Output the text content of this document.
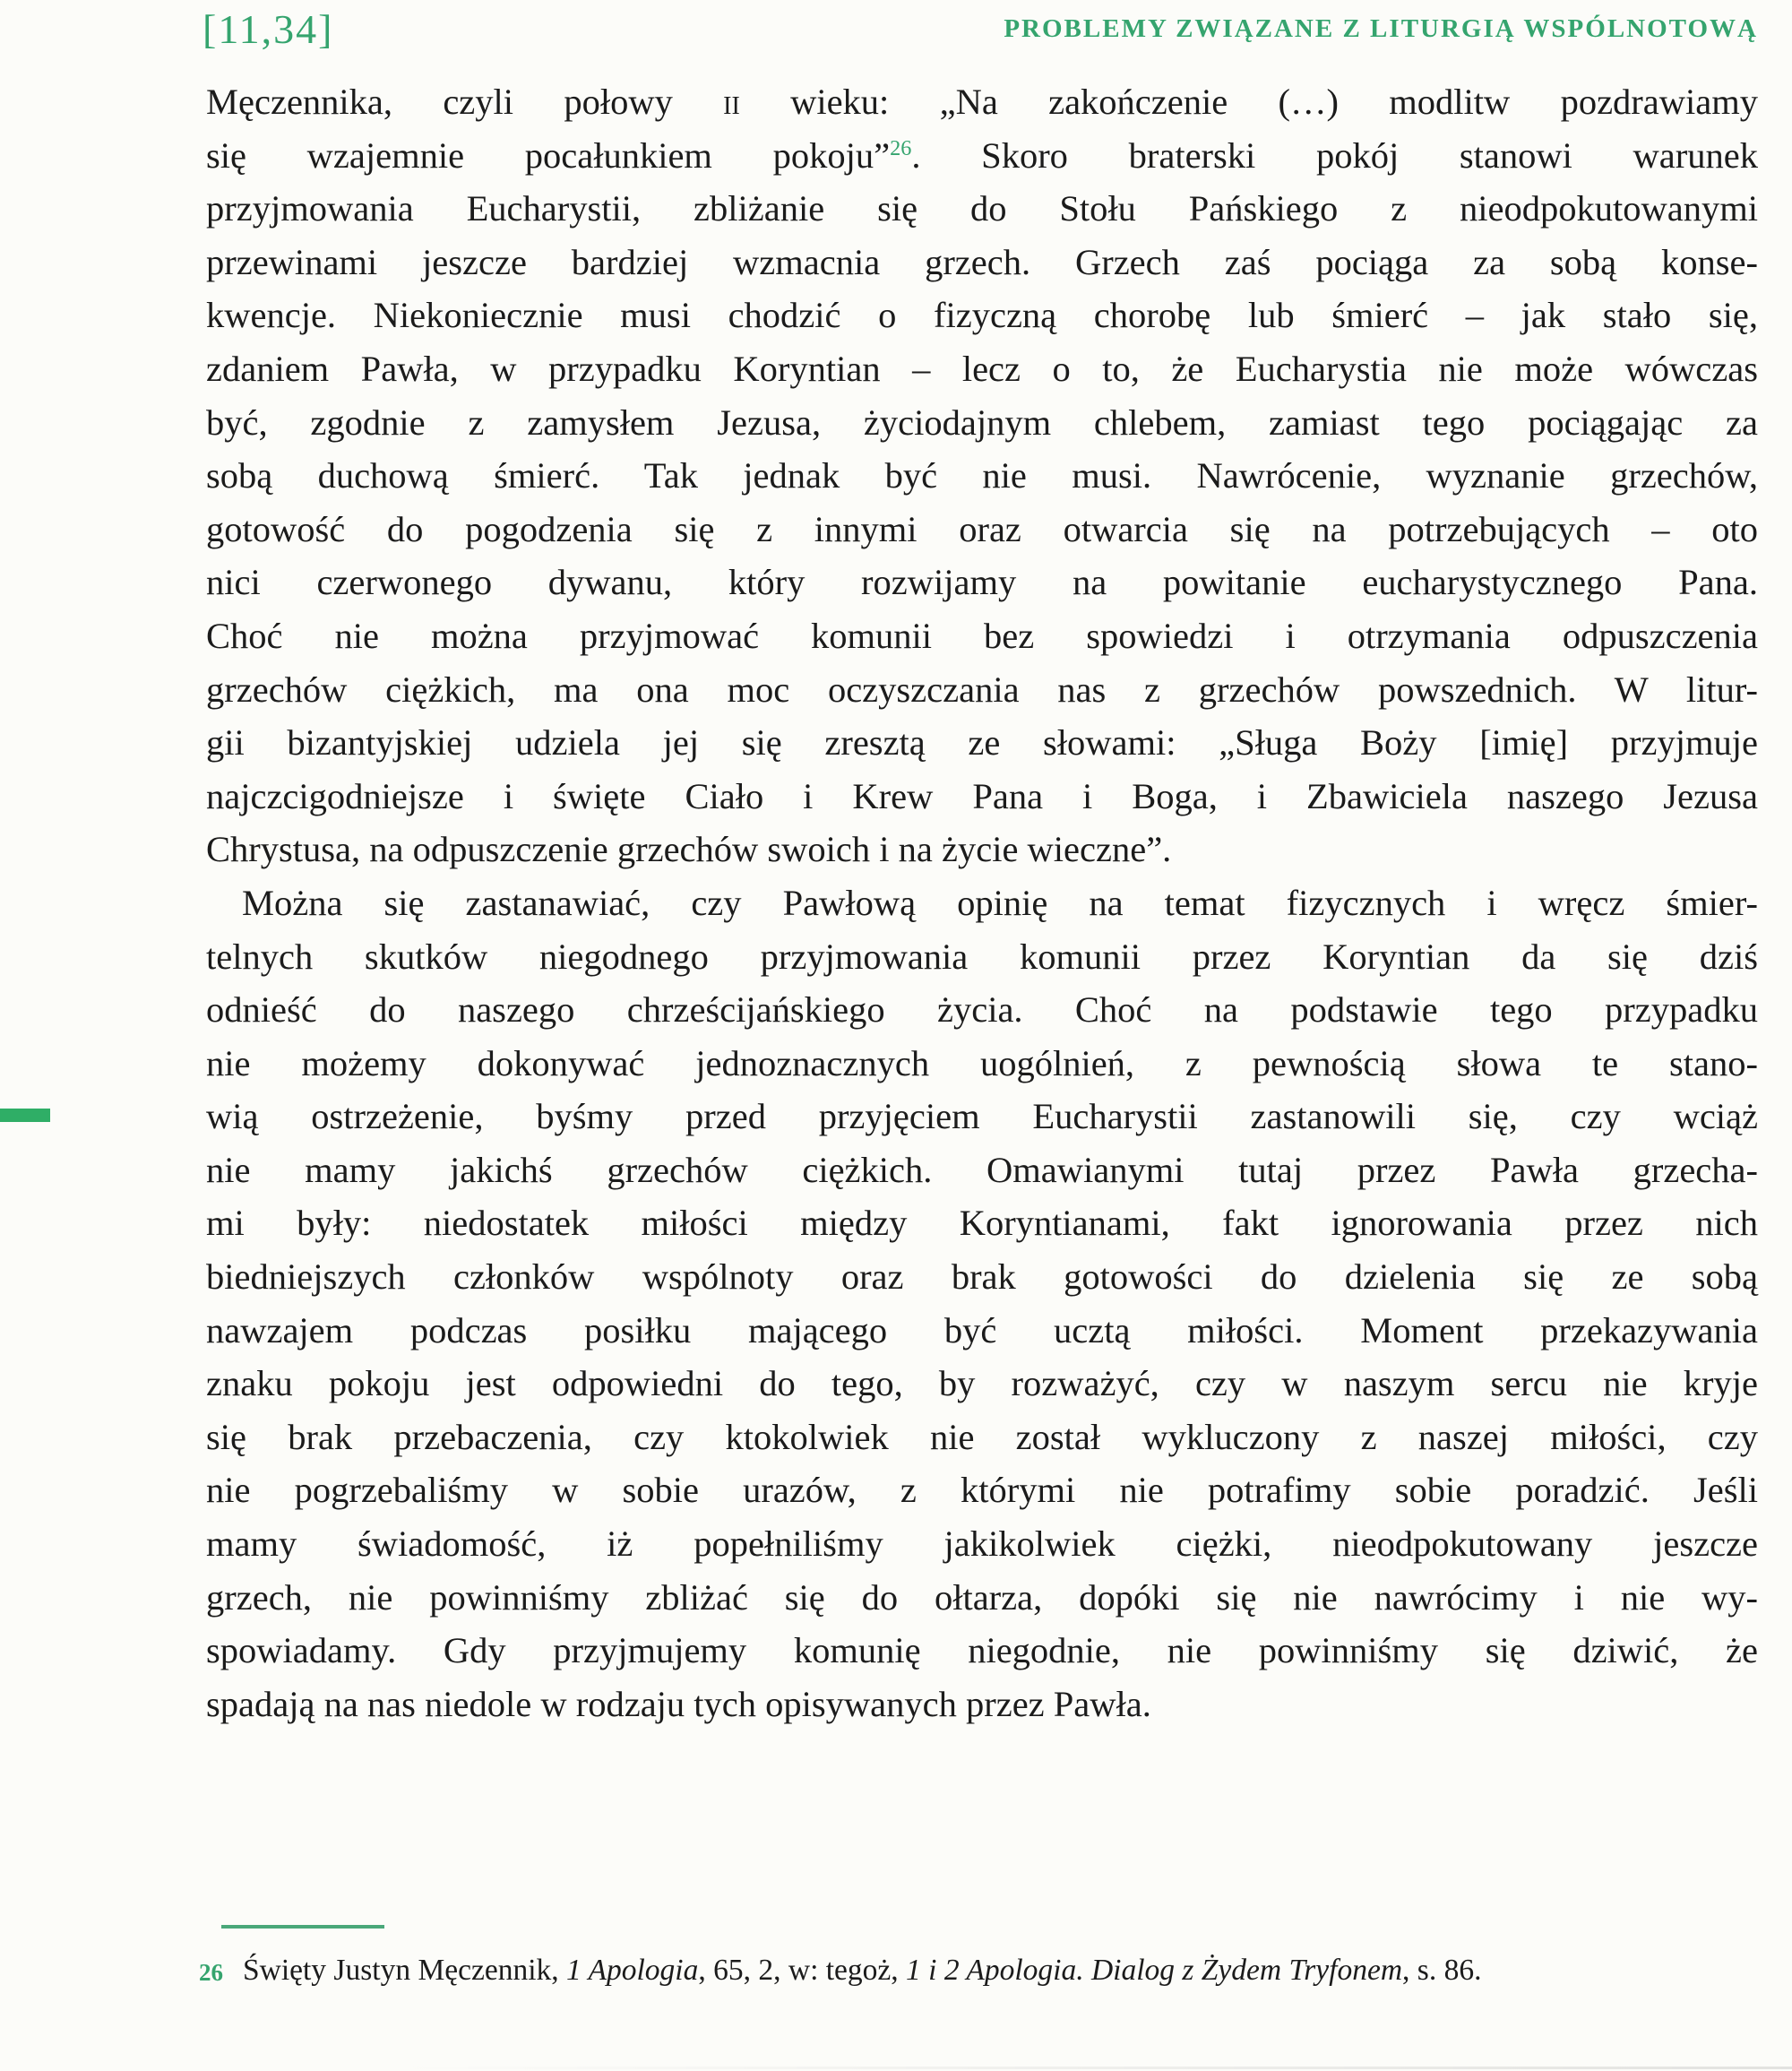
[11,34]	PROBLEMY ZWIĄZANE Z LITURGIĄ WSPÓLNOTOWĄ
Męczennika, czyli połowy ii wieku: „Na zakończenie (…) modlitw pozdrawiamy
się wzajemnie pocałunkiem pokoju”$^{26}$. Skoro braterski pokój stanowi warunek
przyjmowania Eucharystii, zbliżanie się do Stołu Pańskiego z nieodpokutowanymi
przewinami jeszcze bardziej wzmacnia grzech. Grzech zaś pociąga za sobą konse-
kwencje. Niekoniecznie musi chodzić o fizyczną chorobę lub śmierć – jak stało się,
zdaniem Pawła, w przypadku Koryntian – lecz o to, że Eucharystia nie może wówczas
być, zgodnie z zamysłem Jezusa, życiodajnym chlebem, zamiast tego pociągając za
sobą duchową śmierć. Tak jednak być nie musi. Nawrócenie, wyznanie grzechów,
gotowość do pogodzenia się z innymi oraz otwarcia się na potrzebujących – oto
nici czerwonego dywanu, który rozwijamy na powitanie eucharystycznego Pana.
Choć nie można przyjmować komunii bez spowiedzi i otrzymania odpuszczenia
grzechów ciężkich, ma ona moc oczyszczania nas z grzechów powszednich. W litur-
gii bizantyjskiej udziela jej się zresztą ze słowami: „Sługa Boży [imię] przyjmuje
najczcigodniejsze i święte Ciało i Krew Pana i Boga, i Zbawiciela naszego Jezusa
Chrystusa, na odpuszczenie grzechów swoich i na życie wieczne”.
Można się zastanawiać, czy Pawłową opinię na temat fizycznych i wręcz śmier-
telnych skutków niegodnego przyjmowania komunii przez Koryntian da się dziś
odnieść do naszego chrześcijańskiego życia. Choć na podstawie tego przypadku
nie możemy dokonywać jednoznacznych uogólnień, z pewnością słowa te stano-
wią ostrzeżenie, byśmy przed przyjęciem Eucharystii zastanowili się, czy wciąż
nie mamy jakichś grzechów ciężkich. Omawianymi tutaj przez Pawła grzecha-
mi były: niedostatek miłości między Koryntianami, fakt ignorowania przez nich
biedniejszych członków wspólnoty oraz brak gotowości do dzielenia się ze sobą
nawzajem podczas posiłku mającego być ucztą miłości. Moment przekazywania
znaku pokoju jest odpowiedni do tego, by rozważyć, czy w naszym sercu nie kryje
się brak przebaczenia, czy ktokolwiek nie został wykluczony z naszej miłości, czy
nie pogrzebaliśmy w sobie urazów, z którymi nie potrafimy sobie poradzić. Jeśli
mamy świadomość, iż popełniliśmy jakikolwiek ciężki, nieodpokutowany jeszcze
grzech, nie powinniśmy zbliżać się do ołtarza, dopóki się nie nawrócimy i nie wy-
spowiadamy. Gdy przyjmujemy komunię niegodnie, nie powinniśmy się dziwić, że
spadają na nas niedole w rodzaju tych opisywanych przez Pawła.
26 Święty Justyn Męczennik, 1 Apologia, 65, 2, w: tegoż, 1 i 2 Apologia. Dialog z Żydem Tryfonem, s. 86.
